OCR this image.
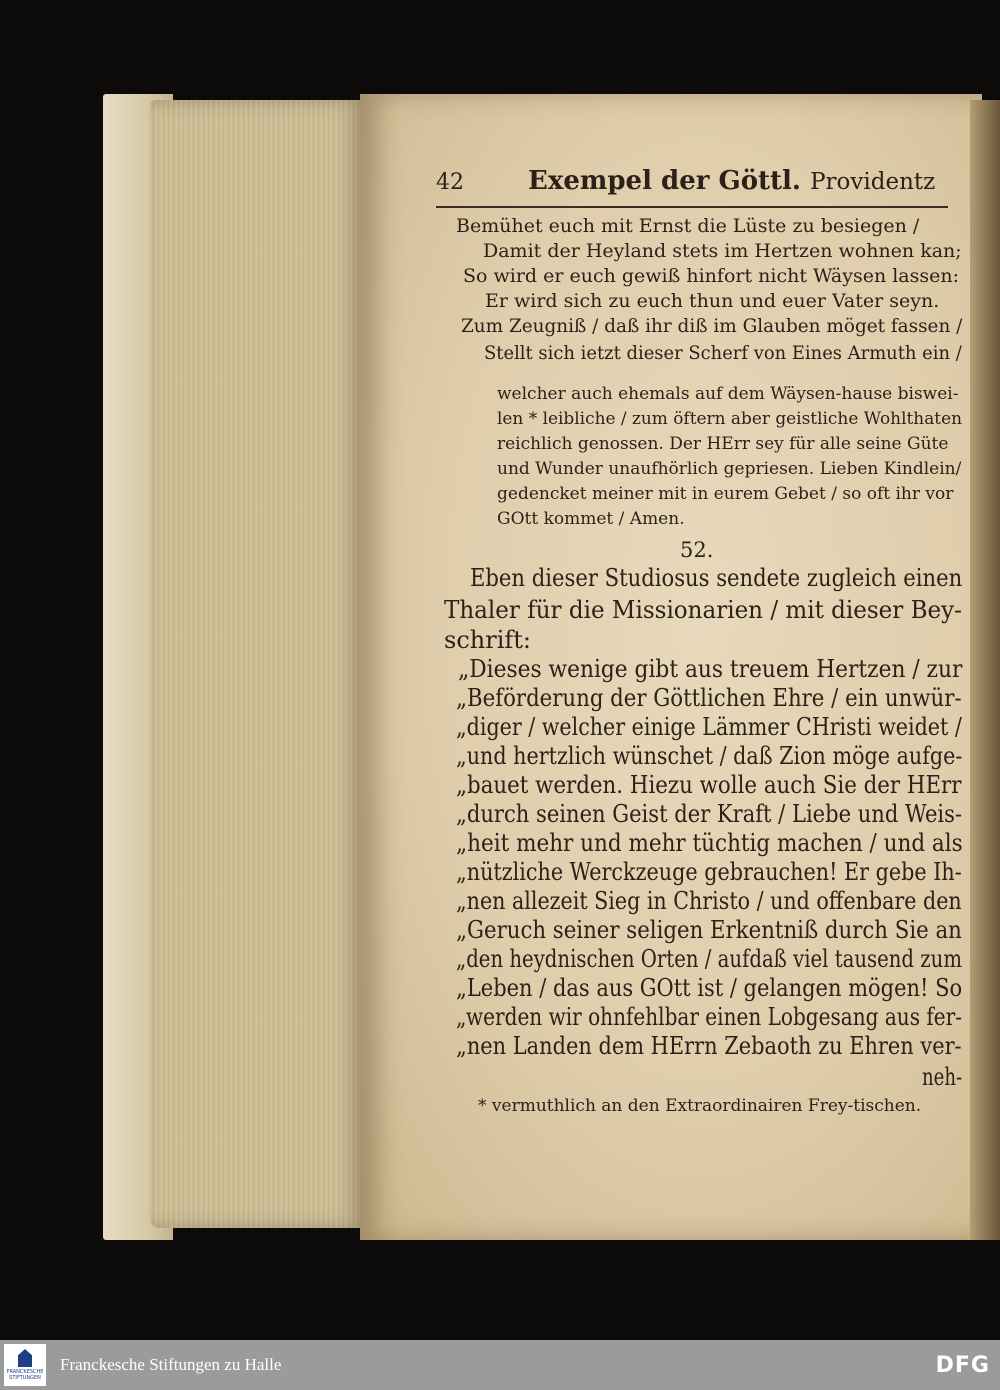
42 Exempel der Göttl. Providentz
Bemühet euch mit Ernst die Lüste zu besiegen /
Damit der Heyland stets im Hertzen wohnen kan;
So wird er euch gewiß hinfort nicht Wäysen lassen:
Er wird sich zu euch thun und euer Vater seyn.
Zum Zeugniß / daß ihr diß im Glauben möget fassen /
Stellt sich ietzt dieser Scherf von Eines Armuth ein /
welcher auch ehemals auf dem Wäysen-hause biswei-
len * leibliche / zum öftern aber geistliche Wohlthaten
reichlich genossen. Der HErr sey für alle seine Güte
und Wunder unaufhörlich gepriesen. Lieben Kindlein/
gedencket meiner mit in eurem Gebet / so oft ihr vor
GOtt kommet / Amen.
52.
Eben dieser Studiosus sendete zugleich einen
Thaler für die Missionarien / mit dieser Bey-
schrift:
„Dieses wenige gibt aus treuem Hertzen / zur
„Beförderung der Göttlichen Ehre / ein unwür-
„diger / welcher einige Lämmer CHristi weidet /
„und hertzlich wünschet / daß Zion möge aufge-
„bauet werden. Hiezu wolle auch Sie der HErr
„durch seinen Geist der Kraft / Liebe und Weis-
„heit mehr und mehr tüchtig machen / und als
„nützliche Werckzeuge gebrauchen! Er gebe Ih-
„nen allezeit Sieg in Christo / und offenbare den
„Geruch seiner seligen Erkentniß durch Sie an
„den heydnischen Orten / aufdaß viel tausend zum
„Leben / das aus GOtt ist / gelangen mögen! So
„werden wir ohnfehlbar einen Lobgesang aus fer-
„nen Landen dem HErrn Zebaoth zu Ehren ver-
neh-
* vermuthlich an den Extraordinairen Frey-tischen.
FRANCKESCHE STIFTUNGEN
Franckesche Stiftungen zu Halle	DFG
